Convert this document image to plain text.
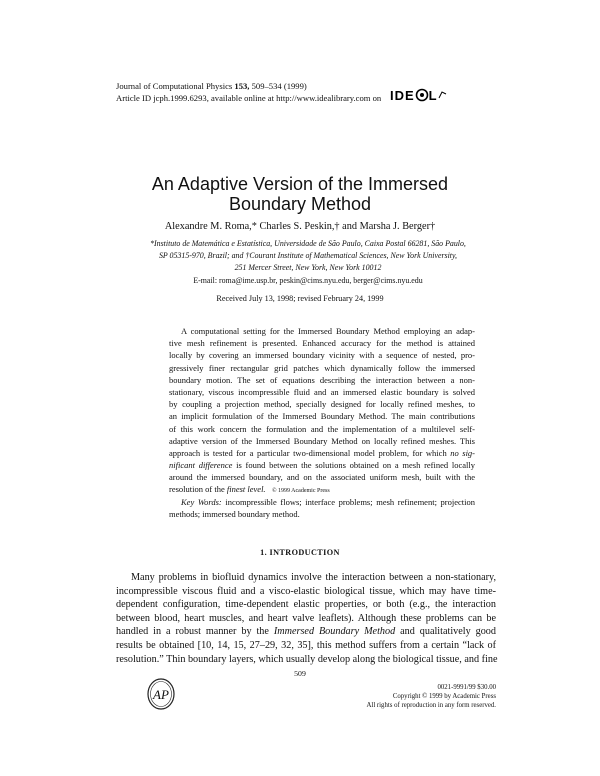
Journal of Computational Physics 153, 509–534 (1999)
Article ID jcph.1999.6293, available online at http://www.idealibrary.com on IDE L
An Adaptive Version of the Immersed
Boundary Method
Alexandre M. Roma,* Charles S. Peskin,† and Marsha J. Berger†
*Instituto de Matemática e Estatística, Universidade de São Paulo, Caixa Postal 66281, São Paulo,
SP 05315-970, Brazil; and †Courant Institute of Mathematical Sciences, New York University,
251 Mercer Street, New York, New York 10012
E-mail: roma@ime.usp.br, peskin@cims.nyu.edu, berger@cims.nyu.edu
Received July 13, 1998; revised February 24, 1999
A computational setting for the Immersed Boundary Method employing an adap-
tive mesh refinement is presented. Enhanced accuracy for the method is attained
locally by covering an immersed boundary vicinity with a sequence of nested, pro-
gressively finer rectangular grid patches which dynamically follow the immersed
boundary motion. The set of equations describing the interaction between a non-
stationary, viscous incompressible fluid and an immersed elastic boundary is solved
by coupling a projection method, specially designed for locally refined meshes, to
an implicit formulation of the Immersed Boundary Method. The main contributions
of this work concern the formulation and the implementation of a multilevel self-
adaptive version of the Immersed Boundary Method on locally refined meshes. This
approach is tested for a particular two-dimensional model problem, for which no sig-
nificant difference is found between the solutions obtained on a mesh refined locally
around the immersed boundary, and on the associated uniform mesh, built with the
resolution of the finest level. © 1999 Academic Press
Key Words: incompressible flows; interface problems; mesh refinement; projection
methods; immersed boundary method.
1. INTRODUCTION
Many problems in biofluid dynamics involve the interaction between a non-stationary,
incompressible viscous fluid and a visco-elastic biological tissue, which may have time-
dependent configuration, time-dependent elastic properties, or both (e.g., the interaction
between blood, heart muscles, and heart valve leaflets). Although these problems can be
handled in a robust manner by the Immersed Boundary Method and qualitatively good
results be obtained [10, 14, 15, 27–29, 32, 35], this method suffers from a certain “lack of
resolution.” Thin boundary layers, which usually develop along the biological tissue, and fine
509
AP	0021-9991/99 $30.00
Copyright © 1999 by Academic Press
All rights of reproduction in any form reserved.
